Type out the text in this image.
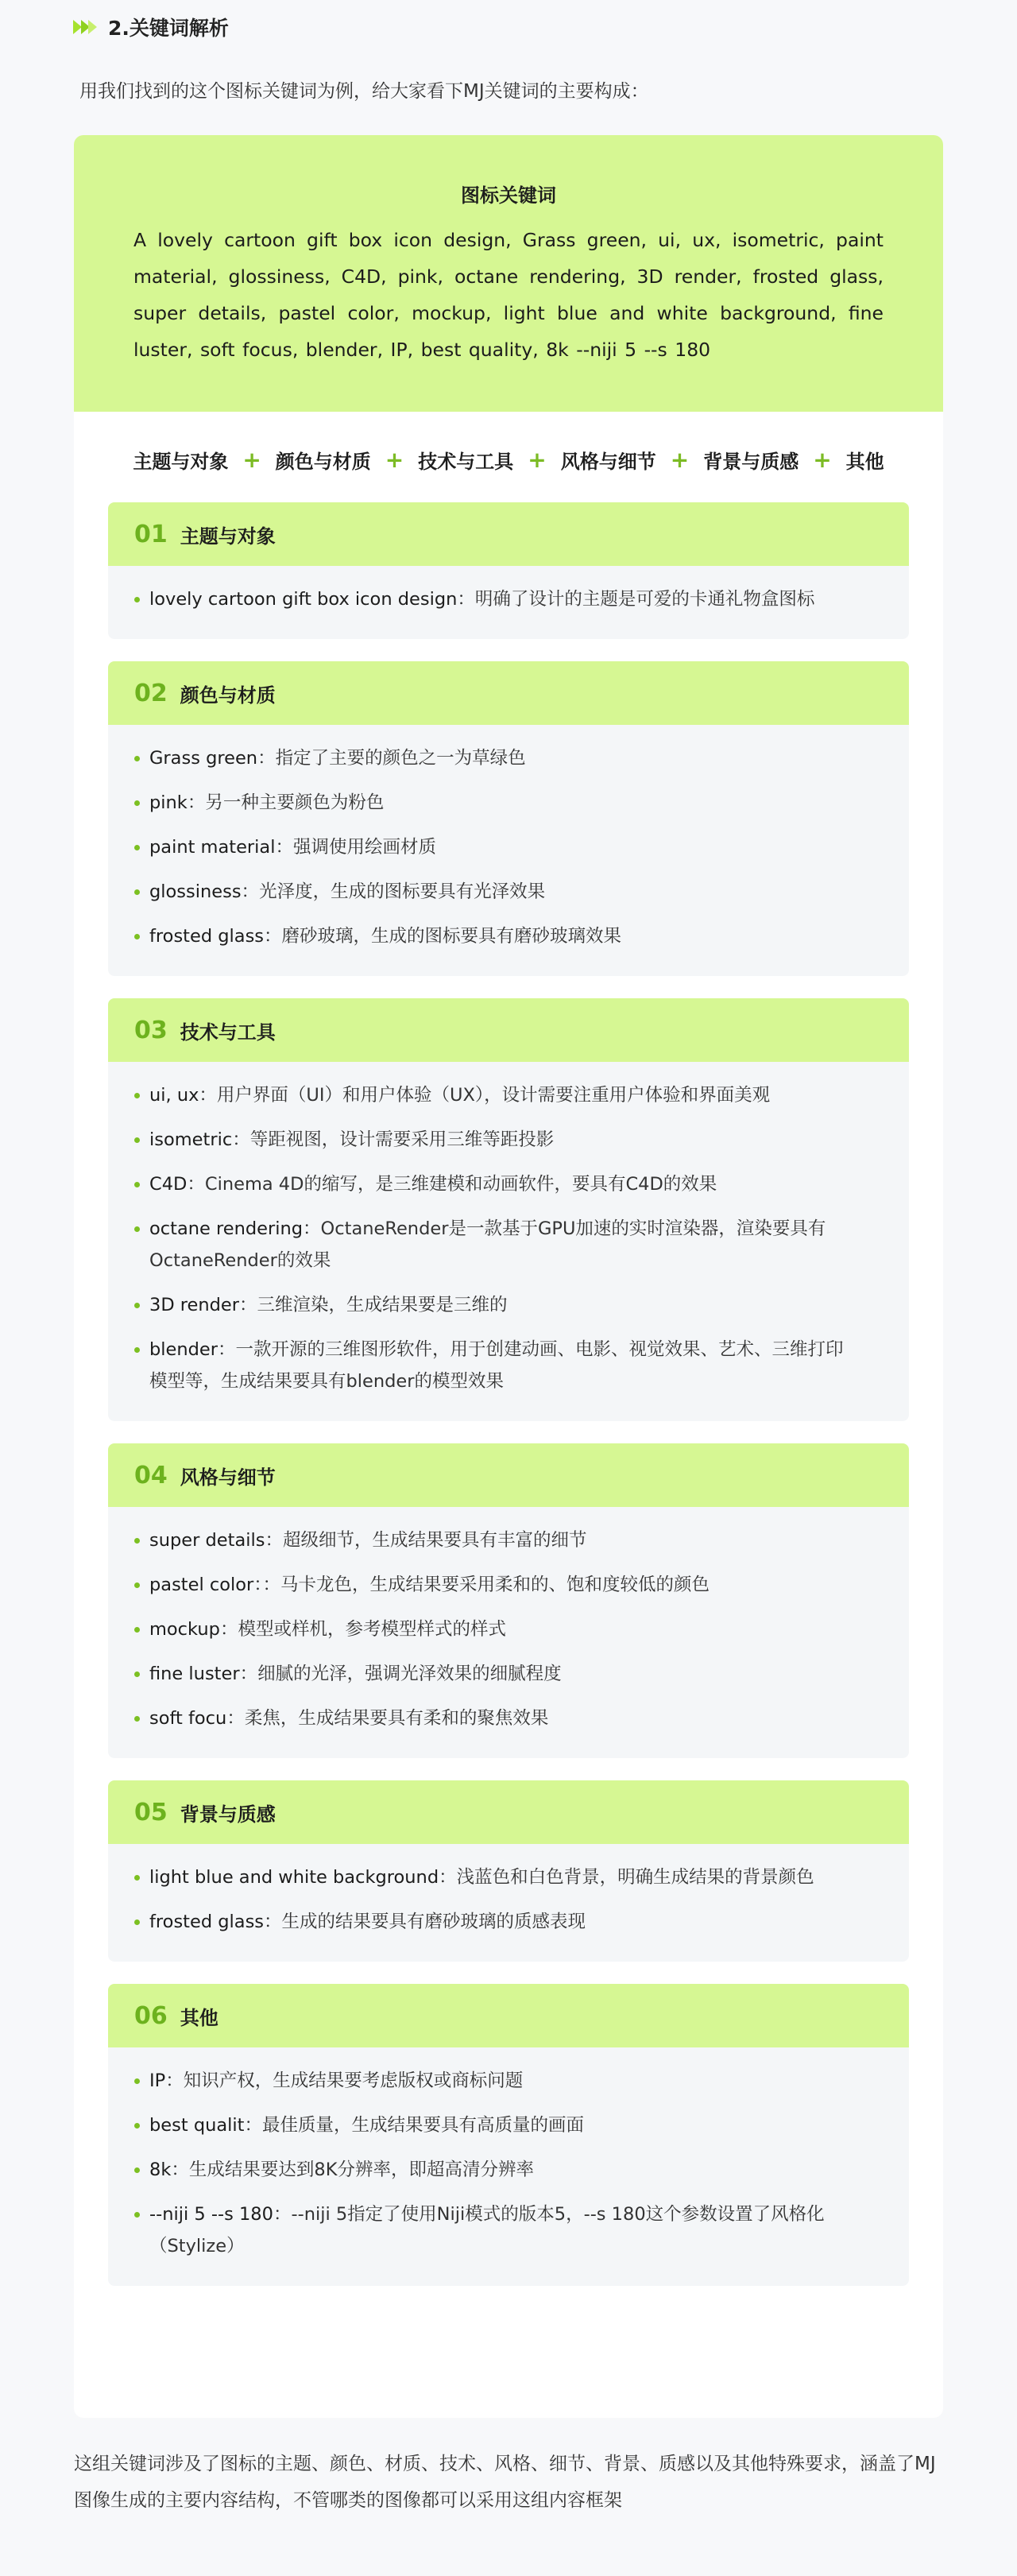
2.关键词解析
用我们找到的这个图标关键词为例，给大家看下MJ关键词的主要构成：
图标关键词

A lovely cartoon gift box icon design, Grass green, ui, ux, isometric, paint material, glossiness, C4D, pink, octane rendering, 3D render, frosted glass, super details, pastel color, mockup, light blue and white background, fine luster, soft focus, blender, IP, best quality, 8k --niji 5 --s 180

主题与对象 + 颜色与材质 + 技术与工具 + 风格与细节 + 背景与质感 + 其他
01 主题与对象
lovely cartoon gift box icon design：明确了设计的主题是可爱的卡通礼物盒图标
02 颜色与材质
Grass green：指定了主要的颜色之一为草绿色
pink：另一种主要颜色为粉色
paint material：强调使用绘画材质
glossiness：光泽度，生成的图标要具有光泽效果
frosted glass：磨砂玻璃，生成的图标要具有磨砂玻璃效果
03 技术与工具
ui, ux：用户界面（UI）和用户体验（UX），设计需要注重用户体验和界面美观
isometric：等距视图，设计需要采用三维等距投影
C4D：Cinema 4D的缩写，是三维建模和动画软件，要具有C4D的效果
octane rendering：OctaneRender是一款基于GPU加速的实时渲染器，渲染要具有OctaneRender的效果
3D render：三维渲染，生成结果要是三维的
blender：一款开源的三维图形软件，用于创建动画、电影、视觉效果、艺术、三维打印模型等，生成结果要具有blender的模型效果
04 风格与细节
super details：超级细节，生成结果要具有丰富的细节
pastel color：：马卡龙色，生成结果要采用柔和的、饱和度较低的颜色
mockup：模型或样机，参考模型样式的样式
fine luster：细腻的光泽，强调光泽效果的细腻程度
soft focu：柔焦，生成结果要具有柔和的聚焦效果
05 背景与质感
light blue and white background：浅蓝色和白色背景，明确生成结果的背景颜色
frosted glass：生成的结果要具有磨砂玻璃的质感表现
06 其他
IP：知识产权，生成结果要考虑版权或商标问题
best qualit：最佳质量，生成结果要具有高质量的画面
8k：生成结果要达到8K分辨率，即超高清分辨率
--niji 5 --s 180：--niji 5指定了使用Niji模式的版本5，--s 180这个参数设置了风格化（Stylize）
这组关键词涉及了图标的主题、颜色、材质、技术、风格、细节、背景、质感以及其他特殊要求，涵盖了MJ图像生成的主要内容结构，不管哪类的图像都可以采用这组内容框架
